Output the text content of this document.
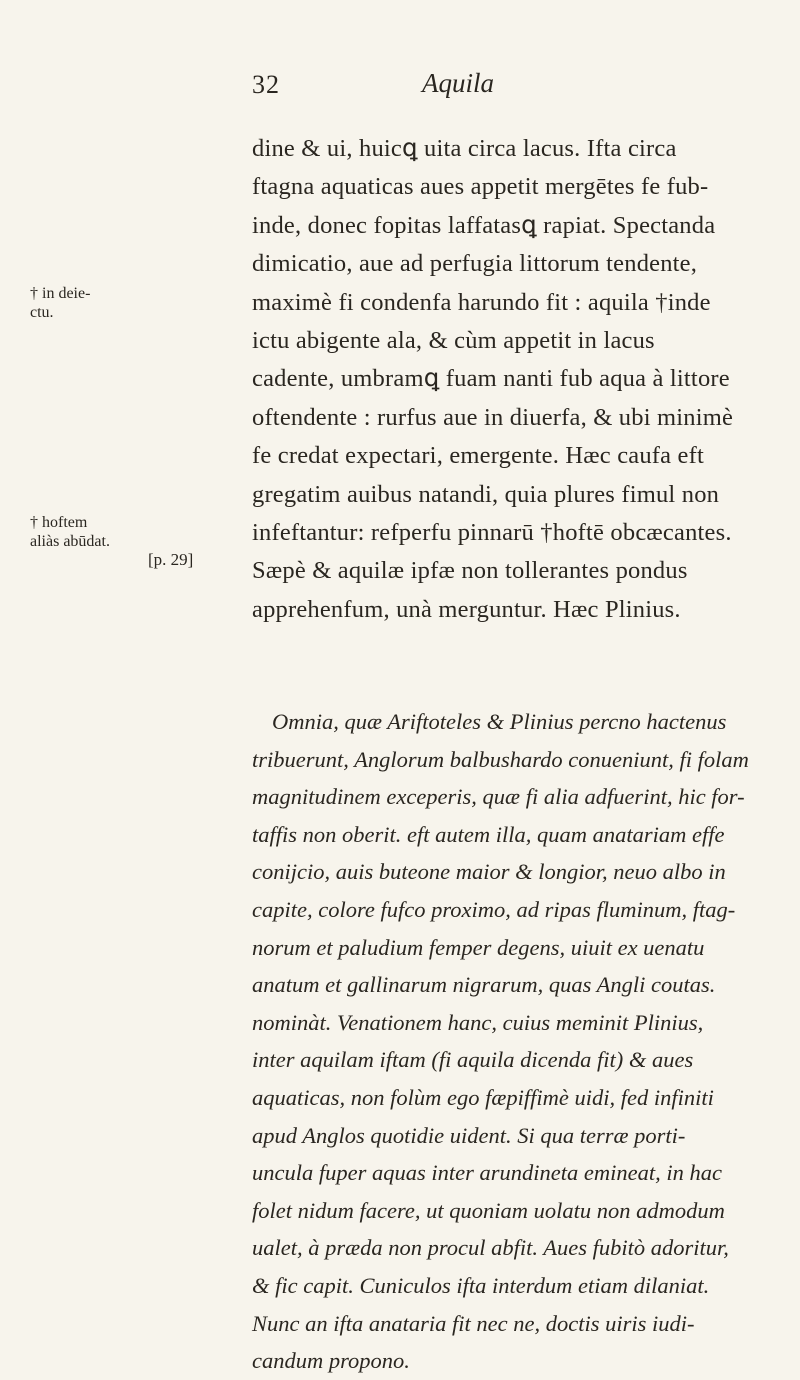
32	Aquila
† in deie-
ctu.
† hoftem
aliàs abūdat.
[p. 29]
dine & ui, huicꝗ uita circa lacus. Ifta circa
ftagna aquaticas aues appetit mergētes fe fub-
inde, donec fopitas laffatasꝗ rapiat. Spectanda
dimicatio, aue ad perfugia littorum tendente,
maximè fi condenfa harundo fit : aquila †inde
ictu abigente ala, & cùm appetit in lacus
cadente, umbramꝗ fuam nanti fub aqua à littore
oftendente : rurfus aue in diuerfa, & ubi minimè
fe credat expectari, emergente. Hæc caufa eft
gregatim auibus natandi, quia plures fimul non
infeftantur: refperfu pinnarū †hoftē obcæcantes.
Sæpè & aquilæ ipfæ non tollerantes pondus
apprehenfum, unà merguntur. Hæc Plinius.
Omnia, quæ Ariftoteles & Plinius percno hactenus
tribuerunt, Anglorum balbushardo conueniunt, fi folam
magnitudinem exceperis, quæ fi alia adfuerint, hic for-
taffis non oberit. eft autem illa, quam anatariam effe
conijcio, auis buteone maior & longior, neuo albo in
capite, colore fufco proximo, ad ripas fluminum, ftag-
norum et paludium femper degens, uiuit ex uenatu
anatum et gallinarum nigrarum, quas Angli coutas.
nominàt. Venationem hanc, cuius meminit Plinius,
inter aquilam iftam (fi aquila dicenda fit) & aues
aquaticas, non folùm ego fæpiffimè uidi, fed infiniti
apud Anglos quotidie uident. Si qua terræ porti-
uncula fuper aquas inter arundineta emineat, in hac
folet nidum facere, ut quoniam uolatu non admodum
ualet, à præda non procul abfit. Aues fubitò adoritur,
& fic capit. Cuniculos ifta interdum etiam dilaniat.
Nunc an ifta anataria fit nec ne, doctis uiris iudi-
candum propono.
